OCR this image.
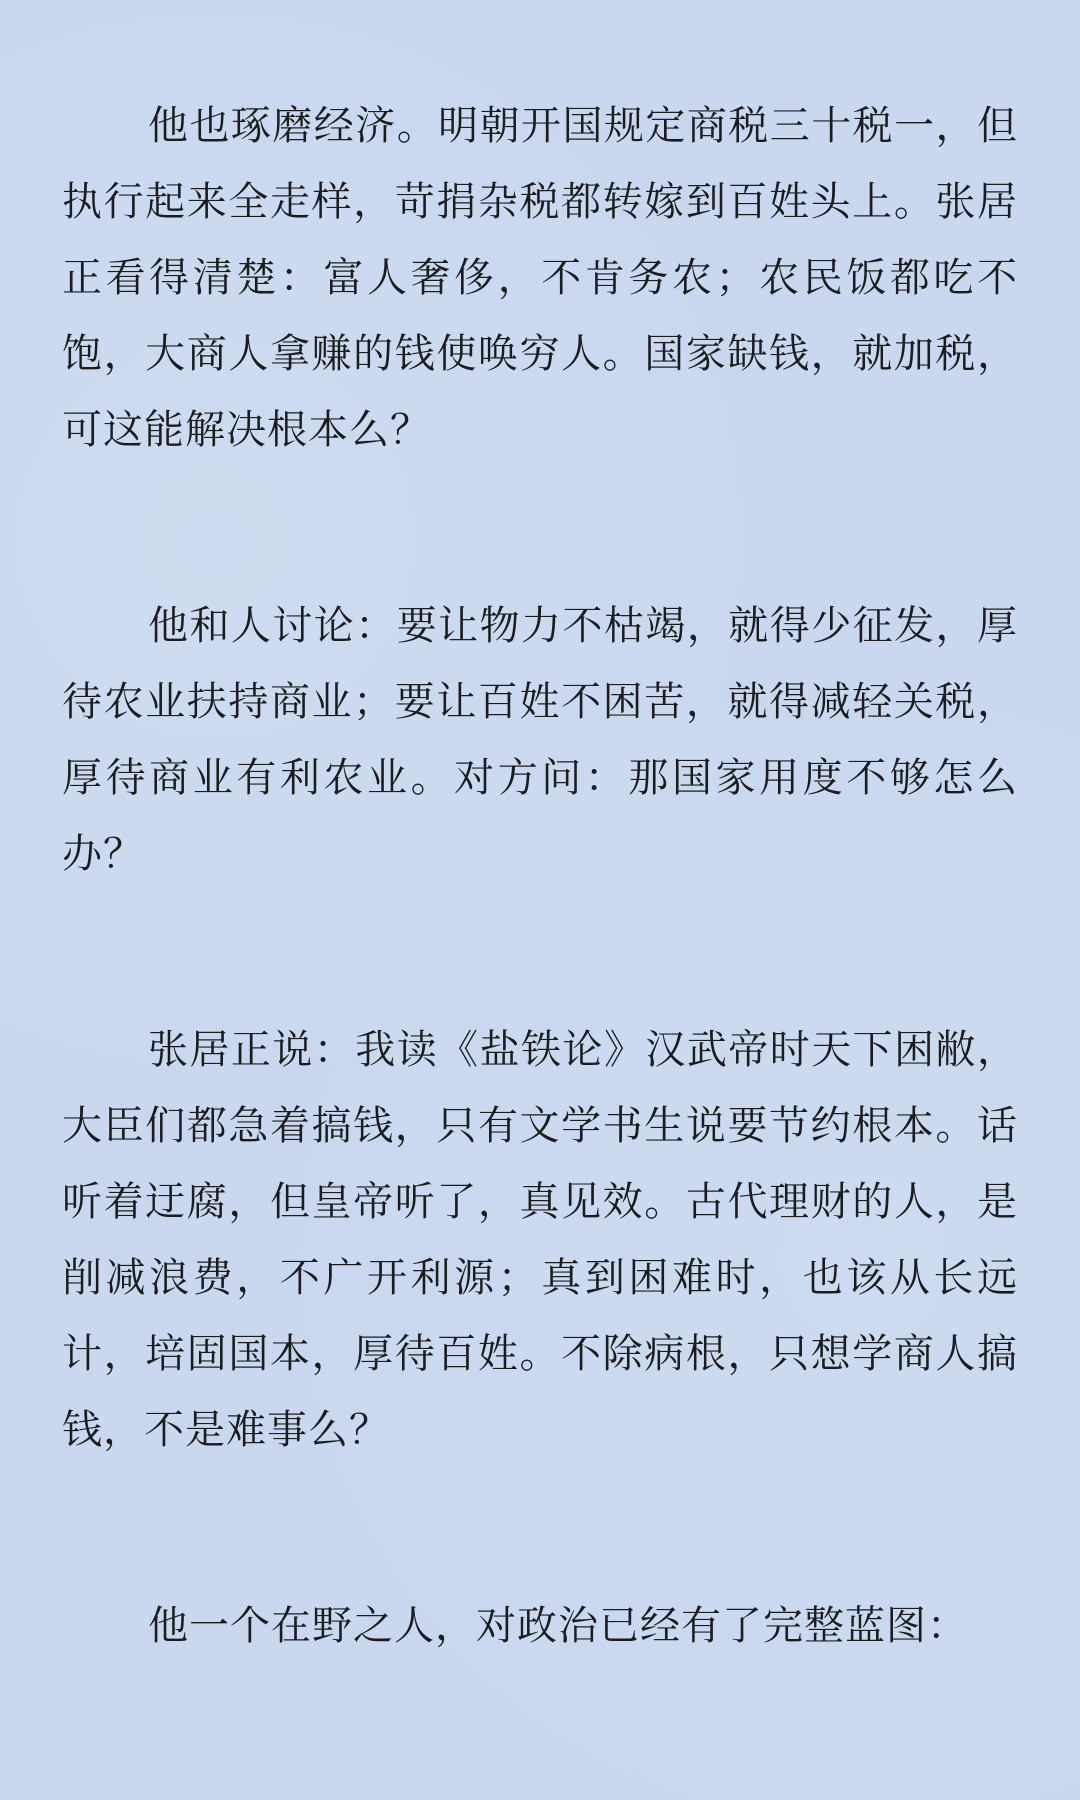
他也琢磨经济。明朝开国规定商税三十税一，但执行起来全走样，苛捐杂税都转嫁到百姓头上。张居正看得清楚：富人奢侈，不肯务农；农民饭都吃不饱，大商人拿赚的钱使唤穷人。国家缺钱，就加税，可这能解决根本么？

他和人讨论：要让物力不枯竭，就得少征发，厚待农业扶持商业；要让百姓不困苦，就得减轻关税，厚待商业有利农业。对方问：那国家用度不够怎么办？

张居正说：我读《盐铁论》汉武帝时天下困敝，大臣们都急着搞钱，只有文学书生说要节约根本。话听着迂腐，但皇帝听了，真见效。古代理财的人，是削减浪费，不广开利源；真到困难时，也该从长远计，培固国本，厚待百姓。不除病根，只想学商人搞钱，不是难事么？

他一个在野之人，对政治已经有了完整蓝图：
